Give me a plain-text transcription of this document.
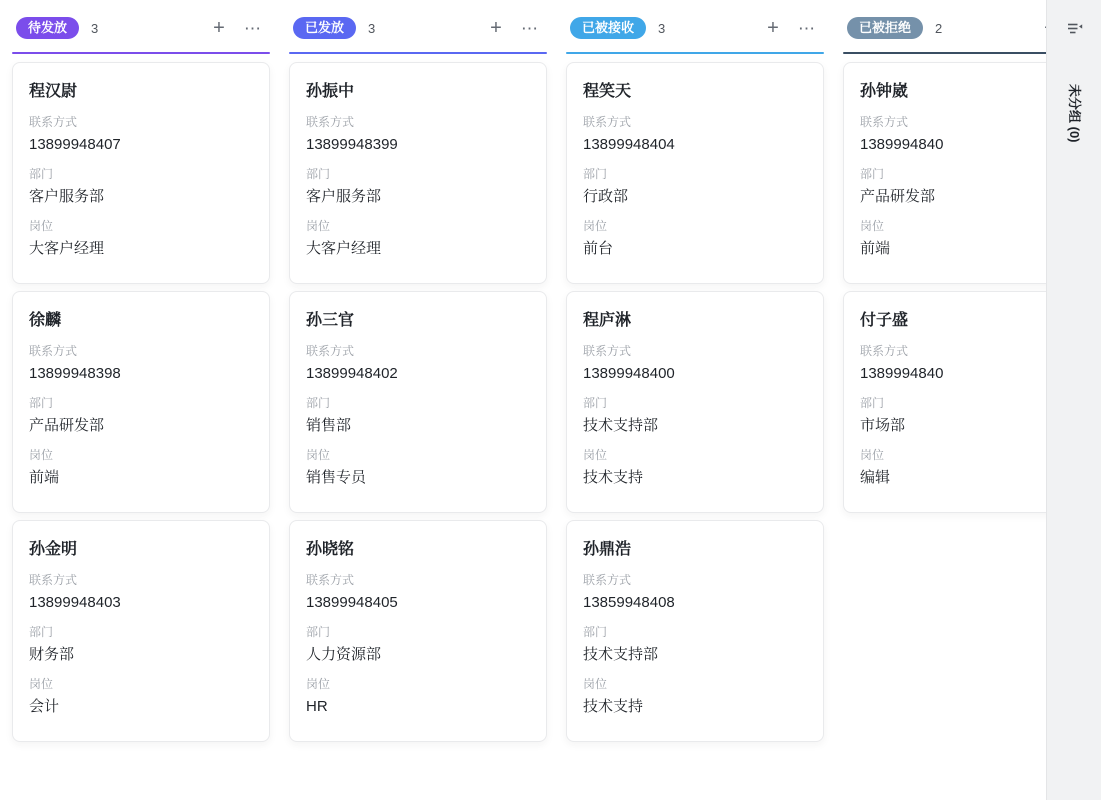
待发放	3	+ ⋯
程汉尉
联系方式
13899948407
部门
客户服务部
岗位
大客户经理
徐麟
联系方式
13899948398
部门
产品研发部
岗位
前端
孙金明
联系方式
13899948403
部门
财务部
岗位
会计
已发放	3	+ ⋯
孙振中
联系方式
13899948399
部门
客户服务部
岗位
大客户经理
孙三官
联系方式
13899948402
部门
销售部
岗位
销售专员
孙晓铭
联系方式
13899948405
部门
人力资源部
岗位
HR
已被接收	3	+ ⋯
程笑天
联系方式
13899948404
部门
行政部
岗位
前台
程庐淋
联系方式
13899948400
部门
技术支持部
岗位
技术支持
孙鼎浩
联系方式
13859948408
部门
技术支持部
岗位
技术支持
已被拒绝	2
孙钟崴
联系方式
1389994840
部门
产品研发部
岗位
前端
付子盛
联系方式
1389994840
部门
市场部
岗位
编辑
未分组 (0)
